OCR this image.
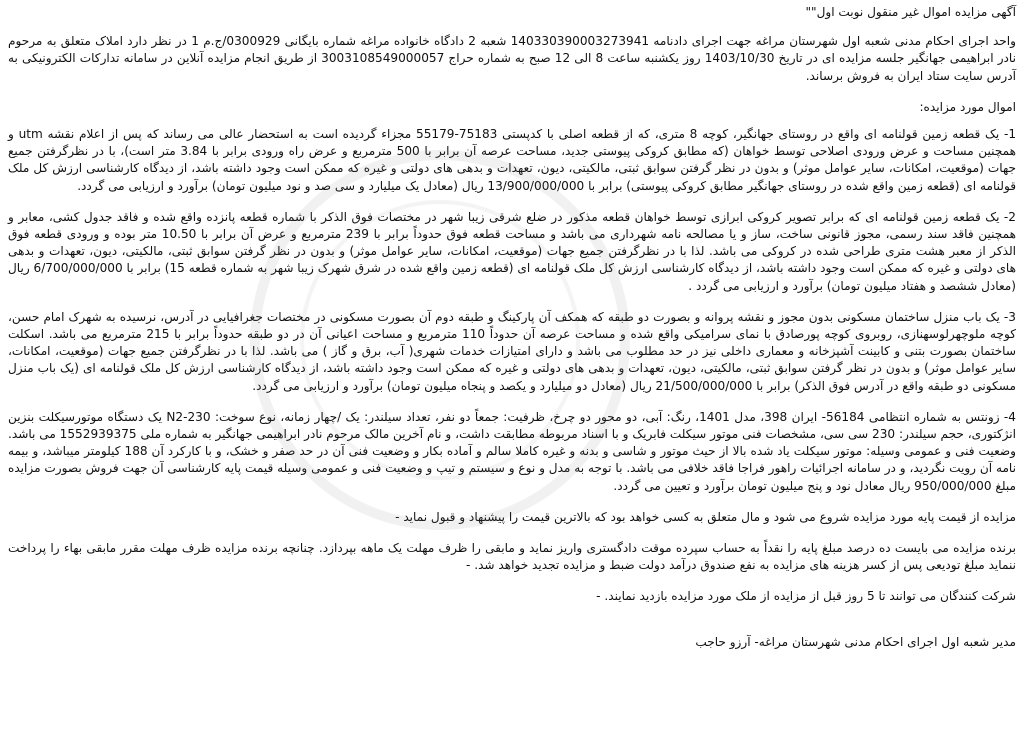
آگهی مزایده اموال غیر منقول نوبت اول""

واحد اجرای احکام مدنی شعبه اول شهرستان مراغه جهت اجرای دادنامه 140330390003273941 شعبه 2 دادگاه خانواده مراغه شماره بایگانی 0300929/ج.م 1 در نظر دارد املاک متعلق به مرحوم نادر ابراهیمی جهانگیر جلسه مزایده ای در تاریخ 1403/10/30 روز یکشنبه ساعت 8 الی 12 صبح به شماره حراج 3003108549000057 از طریق انجام مزایده آنلاین در سامانه تدارکات الکترونیکی به آدرس سایت ستاد ایران به فروش برساند.

اموال مورد مزایده:

1- یک قطعه زمین قولنامه ای واقع در روستای جهانگیر، کوچه 8 متری، که از قطعه اصلی با کدپستی 75183-55179 مجزاء گردیده است به استحضار عالی می رساند که پس از اعلام نقشه utm و همچنین مساحت و عرض ورودی اصلاحی توسط خواهان (که مطابق کروکی پیوستی جدید، مساحت عرصه آن برابر با 500 مترمربع و عرض راه ورودی برابر با 3.84 متر است)، با در نظرگرفتن جمیع جهات (موقعیت، امکانات، سایر عوامل موثر) و بدون در نظر گرفتن سوابق ثبتی، مالکیتی، دیون، تعهدات و بدهی های دولتی و غیره که ممکن است وجود داشته باشد، از دیدگاه کارشناسی ارزش کل ملک قولنامه ای (قطعه زمین واقع شده در روستای جهانگیر مطابق کروکی پیوستی) برابر با 13/900/000/000 ریال (معادل یک میلیارد و سی صد و نود میلیون تومان) برآورد و ارزیابی می گردد.

2- یک قطعه زمین قولنامه ای که برابر تصویر کروکی ابرازی توسط خواهان قطعه مذکور در ضلع شرقی زیبا شهر در مختصات فوق الذکر با شماره قطعه پانزده واقع شده و فاقد جدول کشی، معابر و همچنین فاقد سند رسمی، مجوز قانونی ساخت، ساز و یا مصالحه نامه شهرداری می باشد و مساحت قطعه فوق حدوداً برابر با 239 مترمربع و عرض آن برابر با 10.50 متر بوده و ورودی قطعه فوق الذکر از معبر هشت متری طراحی شده در کروکی می باشد. لذا با در نظرگرفتن جمیع جهات (موقعیت، امکانات، سایر عوامل موثر) و بدون در نظر گرفتن سوابق ثبتی، مالکیتی، دیون، تعهدات و بدهی های دولتی و غیره که ممکن است وجود داشته باشد، از دیدگاه کارشناسی ارزش کل ملک قولنامه ای (قطعه زمین واقع شده در شرق شهرک زیبا شهر به شماره قطعه 15) برابر با 6/700/000/000 ریال (معادل ششصد و هفتاد میلیون تومان) برآورد و ارزیابی می گردد .

3- یک باب منزل ساختمان مسکونی بدون مجوز و نقشه پروانه و بصورت دو طبقه که همکف آن پارکینگ و طبقه دوم آن بصورت مسکونی در مختصات جغرافیایی در آدرس، نرسیده به شهرک امام حسن، کوچه ملوچهرلوسهنازی، روبروی کوچه پورصادق با نمای سرامیکی واقع شده و مساحت عرصه آن حدوداً 110 مترمربع و مساحت اعیانی آن در دو طبقه حدوداً برابر با 215 مترمربع می باشد. اسکلت ساختمان بصورت بتنی و کابینت آشپزخانه و معماری داخلی نیز در حد مطلوب می باشد و دارای امتیازات خدمات شهری( آب، برق و گاز ) می باشد. لذا با در نظرگرفتن جمیع جهات (موقعیت، امکانات، سایر عوامل موثر) و بدون در نظر گرفتن سوابق ثبتی، مالکیتی، دیون، تعهدات و بدهی های دولتی و غیره که ممکن است وجود داشته باشد، از دیدگاه کارشناسی ارزش کل ملک قولنامه ای (یک باب منزل مسکونی دو طبقه واقع در آدرس فوق الذکر) برابر با 21/500/000/000 ریال (معادل دو میلیارد و یکصد و پنجاه میلیون تومان) برآورد و ارزیابی می گردد.

4- زونتس به شماره انتظامی 56184- ایران 398، مدل 1401، رنگ: آبی، دو محور دو چرخ، ظرفیت: جمعاً دو نفر، تعداد سیلندر: یک /چهار زمانه، نوع سوخت: N2-230 یک دستگاه موتورسیکلت بنزین انژکتوری، حجم سیلندر: 230 سی سی، مشخصات فنی موتور سیکلت فابریک و با اسناد مربوطه مطابقت داشت، و نام آخرین مالک مرحوم نادر ابراهیمی جهانگیر به شماره ملی 1552939375 می باشد. وضعیت فنی و عمومی وسیله: موتور سیکلت یاد شده بالا از حیث موتور و شاسی و بدنه و غیره کاملا سالم و آماده بکار و وضعیت فنی آن در حد صفر و خشک، و با کارکرد آن 188 کیلومتر میباشد، و بیمه نامه آن رویت نگردید، و در سامانه اجرائیات راهور فراجا فاقد خلافی می باشد. با توجه به مدل و نوع و سیستم و تیپ و وضعیت فنی و عمومی وسیله قیمت پایه کارشناسی آن جهت فروش بصورت مزایده مبلغ 950/000/000 ریال معادل نود و پنج میلیون تومان برآورد و تعیین می گردد.

مزایده از قیمت پایه مورد مزایده شروع می شود و مال متعلق به کسی خواهد بود که بالاترین قیمت را پیشنهاد و قبول نماید -

برنده مزایده می بایست ده درصد مبلغ پایه را نقداً به حساب سپرده موقت دادگستری واریز نماید و مابقی را ظرف مهلت یک ماهه بپردازد. چنانچه برنده مزایده ظرف مهلت مقرر مابقی بهاء را پرداخت ننماید مبلغ تودیعی پس از کسر هزینه های مزایده به نفع صندوق درآمد دولت ضبط و مزایده تجدید خواهد شد. -

شرکت کنندگان می توانند تا 5 روز قبل از مزایده از ملک مورد مزایده بازدید نمایند. -

مدیر شعبه اول اجرای احکام مدنی شهرستان مراغه- آرزو حاجب
